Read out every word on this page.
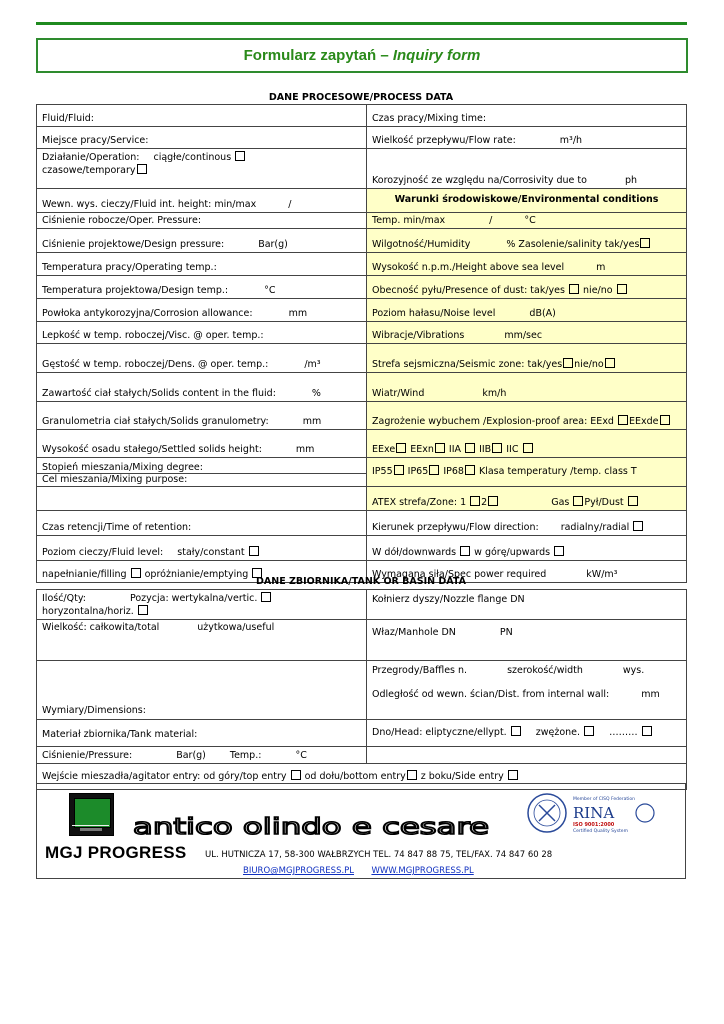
Formularz zapytań – Inquiry form
DANE PROCESOWE/PROCESS DATA
Fluid/Fluid:	Czas pracy/Mixing time:
Miejsce pracy/Service:	Wielkość przepływu/Flow rate: m³/h
Działanie/Operation: ciągłe/continous
czasowe/temporary	Korozyjność ze względu na/Corrosivity due to ph
Wewn. wys. cieczy/Fluid int. height: min/max /	Warunki środowiskowe/Environmental conditions
Ciśnienie robocze/Oper. Pressure:	Temp. min/max / °C
Ciśnienie projektowe/Design pressure: Bar(g)	Wilgotność/Humidity % Zasolenie/salinity tak/yes
Temperatura pracy/Operating temp.:	Wysokość n.p.m./Height above sea level m
Temperatura projektowa/Design temp.: °C	Obecność pyłu/Presence of dust: tak/yes nie/no
Powłoka antykorozyjna/Corrosion allowance: mm	Poziom hałasu/Noise level dB(A)
Lepkość w temp. roboczej/Visc. @ oper. temp.:	Wibracje/Vibrations mm/sec
Gęstość w temp. roboczej/Dens. @ oper. temp.: /m³	Strefa sejsmiczna/Seismic zone: tak/yes nie/no
Zawartość ciał stałych/Solids content in the fluid: %	Wiatr/Wind km/h
Granulometria ciał stałych/Solids granulometry: mm	Zagrożenie wybuchem /Explosion-proof area: EExd EExde
Wysokość osadu stałego/Settled solids height: mm	EExe EExn IIA IIB IIC

Stopień mieszania/Mixing degree:
Cel mieszania/Mixing purpose:	IP55 IP65 IP68 Klasa temperatury /temp. class T
	ATEX strefa/Zone: 1 2 Gas Pył/Dust
Czas retencji/Time of retention:	Kierunek przepływu/Flow direction: radialny/radial
Poziom cieczy/Fluid level: stały/constant	W dół/downwards w górę/upwards
napełnianie/filling opróżnianie/emptying	Wymagana siła/Spec power required kW/m³
DANE ZBIORNIKA/TANK OR BASIN DATA
Ilość/Qty: Pozycja: wertykalna/vertic.
horyzontalna/horiz.	Kołnierz dyszy/Nozzle flange DN
Wielkość: całkowita/total użytkowa/useful	Właz/Manhole DN PN
Wymiary/Dimensions:	Przegrody/Baffles n. szerokość/width wys.
Odległość od wewn. ścian/Dist. from internal wall: mm

Materiał zbiornika/Tank material:	Dno/Head: eliptyczne/ellypt. zwężone. ………
Ciśnienie/Pressure: Bar(g) Temp.: °C	
Wejście mieszadła/agitator entry: od góry/top entry od dołu/bottom entry z boku/Side entry	
antico olindo e cesare
Member of CISQ Federation
RINA
ISO 9001:2000
Certified Quality System
MGJ PROGRESS UL. HUTNICZA 17, 58-300 WAŁBRZYCH TEL. 74 847 88 75, TEL/FAX. 74 847 60 28
BIURO@MGJPROGRESS.PL WWW.MGJPROGRESS.PL
